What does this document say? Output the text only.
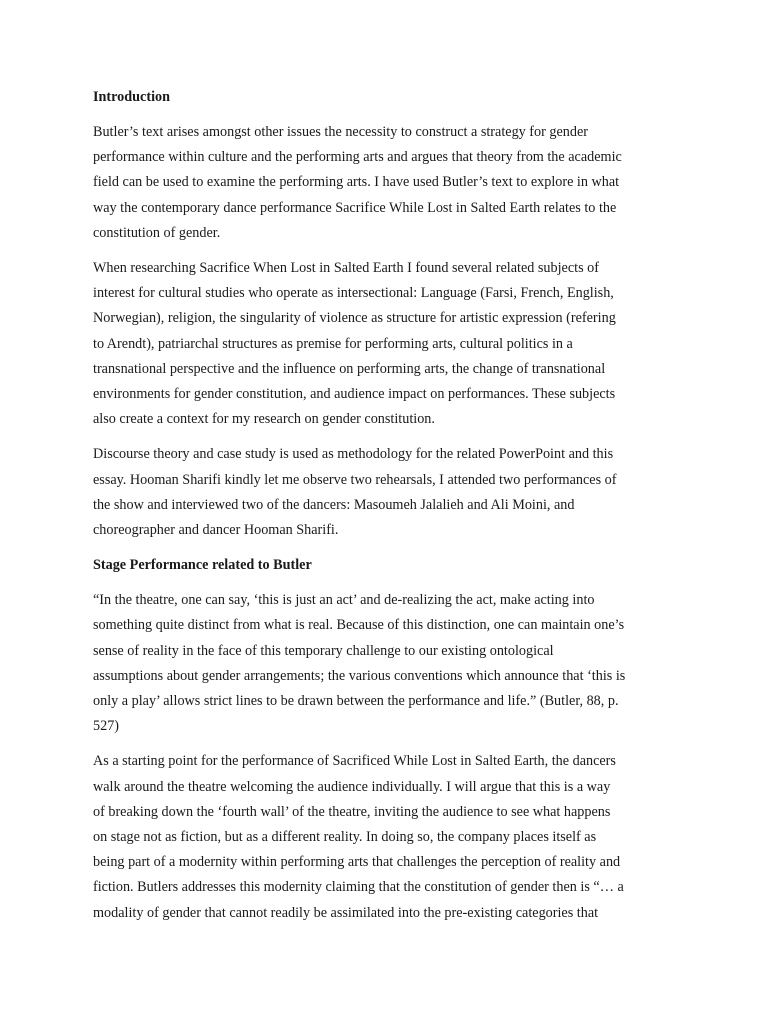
Introduction

Butler’s text arises amongst other issues the necessity to construct a strategy for gender
performance within culture and the performing arts and argues that theory from the academic
field can be used to examine the performing arts. I have used Butler’s text to explore in what
way the contemporary dance performance Sacrifice While Lost in Salted Earth relates to the
constitution of gender.

When researching Sacrifice When Lost in Salted Earth I found several related subjects of
interest for cultural studies who operate as intersectional: Language (Farsi, French, English,
Norwegian), religion, the singularity of violence as structure for artistic expression (refering
to Arendt), patriarchal structures as premise for performing arts, cultural politics in a
transnational perspective and the influence on performing arts, the change of transnational
environments for gender constitution, and audience impact on performances. These subjects
also create a context for my research on gender constitution.

Discourse theory and case study is used as methodology for the related PowerPoint and this
essay. Hooman Sharifi kindly let me observe two rehearsals, I attended two performances of
the show and interviewed two of the dancers: Masoumeh Jalalieh and Ali Moini, and
choreographer and dancer Hooman Sharifi.

Stage Performance related to Butler

“In the theatre, one can say, ‘this is just an act’ and de-realizing the act, make acting into
something quite distinct from what is real. Because of this distinction, one can maintain one’s
sense of reality in the face of this temporary challenge to our existing ontological
assumptions about gender arrangements; the various conventions which announce that ‘this is
only a play’ allows strict lines to be drawn between the performance and life.” (Butler, 88, p.
527)

As a starting point for the performance of Sacrificed While Lost in Salted Earth, the dancers
walk around the theatre welcoming the audience individually. I will argue that this is a way
of breaking down the ‘fourth wall’ of the theatre, inviting the audience to see what happens
on stage not as fiction, but as a different reality. In doing so, the company places itself as
being part of a modernity within performing arts that challenges the perception of reality and
fiction. Butlers addresses this modernity claiming that the constitution of gender then is “… a
modality of gender that cannot readily be assimilated into the pre-existing categories that
